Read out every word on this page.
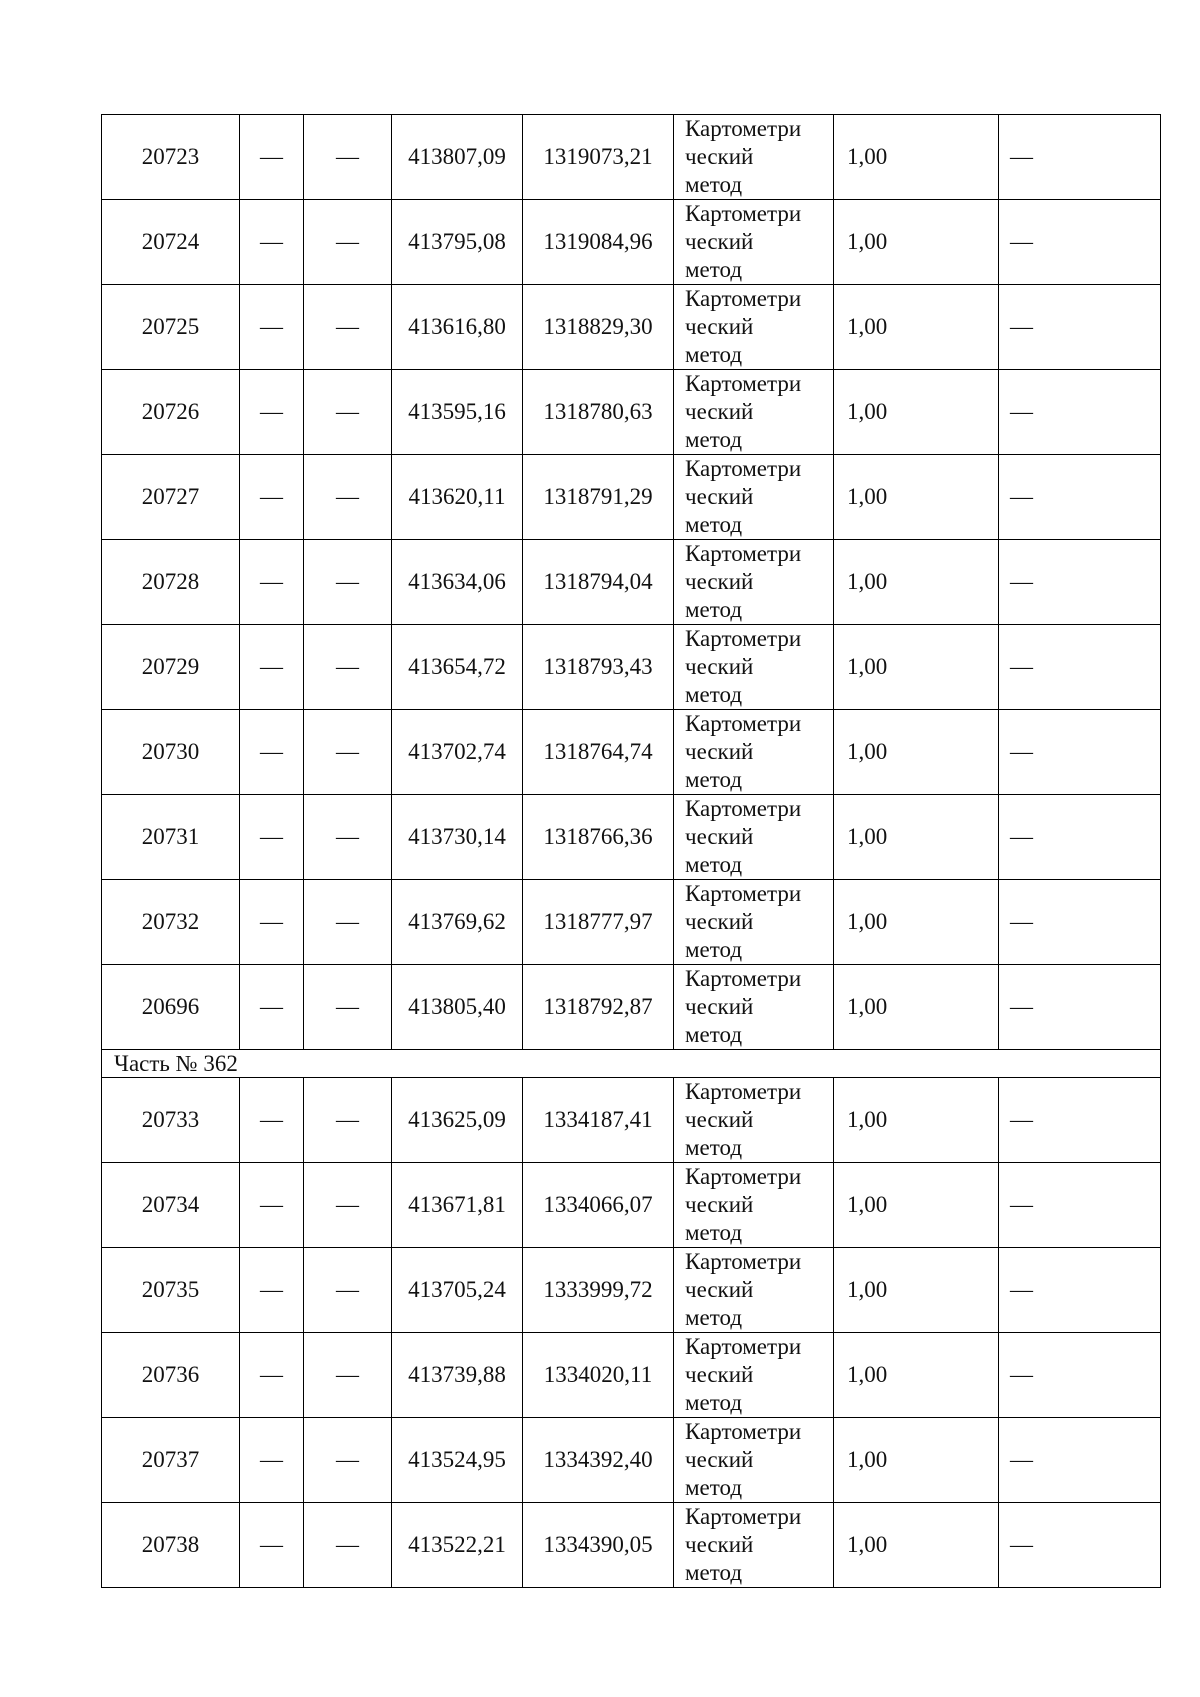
20723	—	—	413807,09	1319073,21	Картометри
ческий
метод	1,00	—
20724	—	—	413795,08	1319084,96	Картометри
ческий
метод	1,00	—
20725	—	—	413616,80	1318829,30	Картометри
ческий
метод	1,00	—
20726	—	—	413595,16	1318780,63	Картометри
ческий
метод	1,00	—
20727	—	—	413620,11	1318791,29	Картометри
ческий
метод	1,00	—
20728	—	—	413634,06	1318794,04	Картометри
ческий
метод	1,00	—
20729	—	—	413654,72	1318793,43	Картометри
ческий
метод	1,00	—
20730	—	—	413702,74	1318764,74	Картометри
ческий
метод	1,00	—
20731	—	—	413730,14	1318766,36	Картометри
ческий
метод	1,00	—
20732	—	—	413769,62	1318777,97	Картометри
ческий
метод	1,00	—
20696	—	—	413805,40	1318792,87	Картометри
ческий
метод	1,00	—
Часть № 362							
20733	—	—	413625,09	1334187,41	Картометри
ческий
метод	1,00	—
20734	—	—	413671,81	1334066,07	Картометри
ческий
метод	1,00	—
20735	—	—	413705,24	1333999,72	Картометри
ческий
метод	1,00	—
20736	—	—	413739,88	1334020,11	Картометри
ческий
метод	1,00	—
20737	—	—	413524,95	1334392,40	Картометри
ческий
метод	1,00	—
20738	—	—	413522,21	1334390,05	Картометри
ческий
метод	1,00	—
